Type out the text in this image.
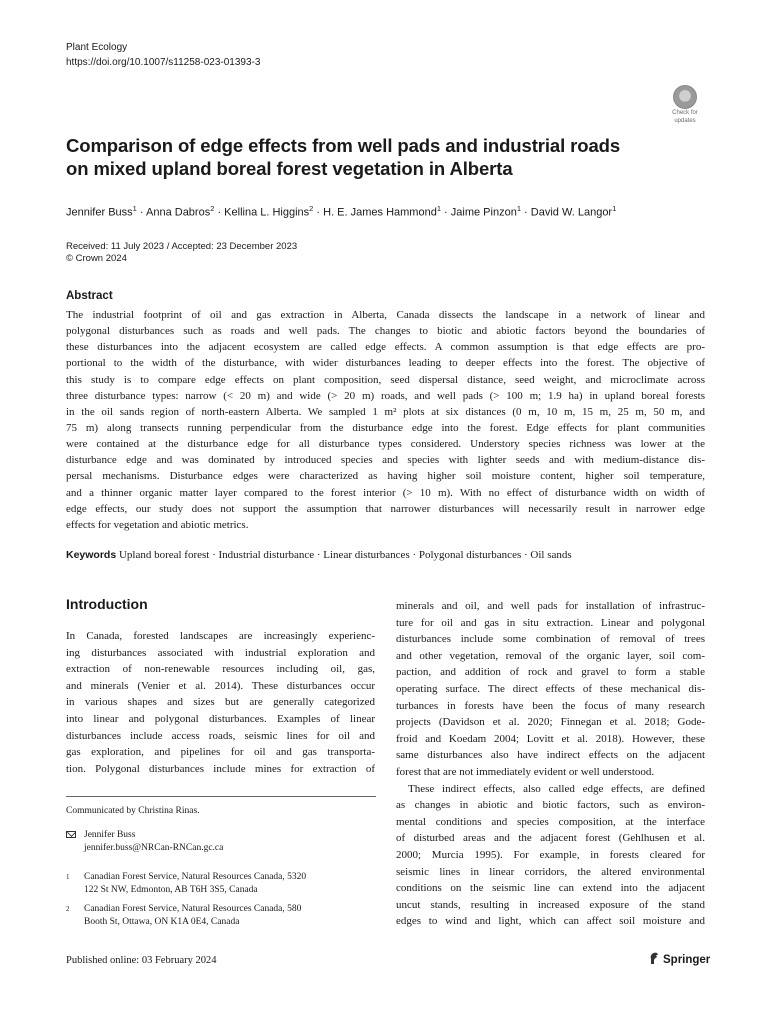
Plant Ecology
https://doi.org/10.1007/s11258-023-01393-3
Check for
updates
Comparison of edge effects from well pads and industrial roads
on mixed upland boreal forest vegetation in Alberta
Jennifer Buss$^1$ · Anna Dabros$^2$ · Kellina L. Higgins$^2$ · H. E. James Hammond$^1$ · Jaime Pinzon$^1$ · David W. Langor$^1$
Received: 11 July 2023 / Accepted: 23 December 2023
© Crown 2024
Abstract
The industrial footprint of oil and gas extraction in Alberta, Canada dissects the landscape in a network of linear and
polygonal disturbances such as roads and well pads. The changes to biotic and abiotic factors beyond the boundaries of
these disturbances into the adjacent ecosystem are called edge effects. A common assumption is that edge effects are pro-
portional to the width of the disturbance, with wider disturbances leading to deeper effects into the forest. The objective of
this study is to compare edge effects on plant composition, seed dispersal distance, seed weight, and microclimate across
three disturbance types: narrow (< 20 m) and wide (> 20 m) roads, and well pads (> 100 m; 1.9 ha) in upland boreal forests
in the oil sands region of north-eastern Alberta. We sampled 1 m² plots at six distances (0 m, 10 m, 15 m, 25 m, 50 m, and
75 m) along transects running perpendicular from the disturbance edge into the forest. Edge effects for plant communities
were contained at the disturbance edge for all disturbance types considered. Understory species richness was lower at the
disturbance edge and was dominated by introduced species and species with lighter seeds and with medium-distance dis-
persal mechanisms. Disturbance edges were characterized as having higher soil moisture content, higher soil temperature,
and a thinner organic matter layer compared to the forest interior (> 10 m). With no effect of disturbance width on width of
edge effects, our study does not support the assumption that narrower disturbances will necessarily result in narrower edge
effects for vegetation and abiotic metrics.
Keywords Upland boreal forest · Industrial disturbance · Linear disturbances · Polygonal disturbances · Oil sands
Introduction
In Canada, forested landscapes are increasingly experienc-
ing disturbances associated with industrial exploration and
extraction of non-renewable resources including oil, gas,
and minerals (Venier et al. 2014). These disturbances occur
in various shapes and sizes but are generally categorized
into linear and polygonal disturbances. Examples of linear
disturbances include access roads, seismic lines for oil and
gas exploration, and pipelines for oil and gas transporta-
tion. Polygonal disturbances include mines for extraction of
minerals and oil, and well pads for installation of infrastruc-
ture for oil and gas in situ extraction. Linear and polygonal
disturbances include some combination of removal of trees
and other vegetation, removal of the organic layer, soil com-
paction, and addition of rock and gravel to form a stable
operating surface. The direct effects of these mechanical dis-
turbances in forests have been the focus of many research
projects (Davidson et al. 2020; Finnegan et al. 2018; Gode-
froid and Koedam 2004; Lovitt et al. 2018). However, these
same disturbances also have indirect effects on the adjacent
forest that are not immediately evident or well understood.
These indirect effects, also called edge effects, are defined
as changes in abiotic and biotic factors, such as environ-
mental conditions and species composition, at the interface
of disturbed areas and the adjacent forest (Gehlhusen et al.
2000; Murcia 1995). For example, in forests cleared for
seismic lines in linear corridors, the altered environmental
conditions on the seismic line can extend into the adjacent
uncut stands, resulting in increased exposure of the stand
edges to wind and light, which can affect soil moisture and
Communicated by Christina Rinas.
Jennifer Buss
jennifer.buss@NRCan-RNCan.gc.ca
1 Canadian Forest Service, Natural Resources Canada, 5320
122 St NW, Edmonton, AB T6H 3S5, Canada
2 Canadian Forest Service, Natural Resources Canada, 580
Booth St, Ottawa, ON K1A 0E4, Canada
Published online: 03 February 2024	Springer
